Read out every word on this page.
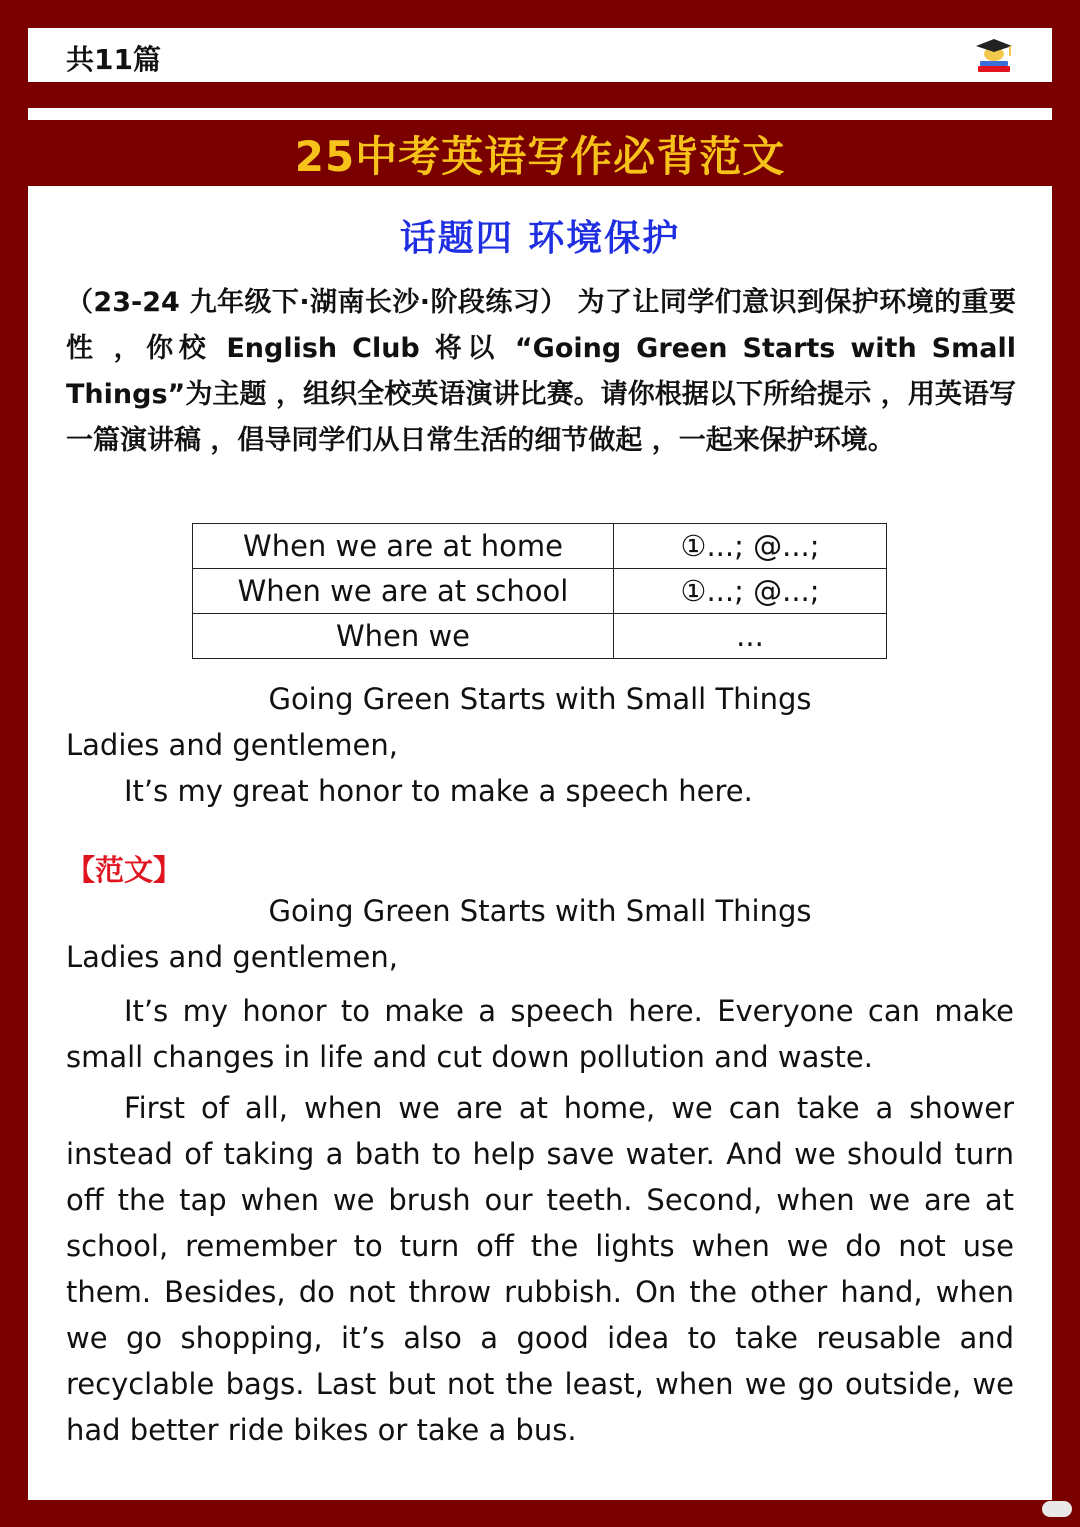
共11篇
25中考英语写作必背范文
话题四 环境保护
（23-24 九年级下·湖南长沙·阶段练习） 为了让同学们意识到保护环境的重要性 ，你校 English Club 将以 “Going Green Starts with Small Things”为主题 ，组织全校英语演讲比赛。请你根据以下所给提示 ，用英语写 一篇演讲稿 ，倡导同学们从日常生活的细节做起 ，一起来保护环境。
When we are at home	①...; @...;
When we are at school	①...; @...;
When we	...
Going Green Starts with Small Things
Ladies and gentlemen,
It’s my great honor to make a speech here.
【范文】
Going Green Starts with Small Things
Ladies and gentlemen,
It’s my honor to make a speech here. Everyone can make small changes in life and cut down pollution and waste.
First of all, when we are at home, we can take a shower instead of taking a bath to help save water. And we should turn off the tap when we brush our teeth. Second, when we are at school, remember to turn off the lights when we do not use them. Besides, do not throw rubbish. On the other hand, when we go shopping, it’s also a good idea to take reusable and recyclable bags. Last but not the least, when we go outside, we had better ride bikes or take a bus.
